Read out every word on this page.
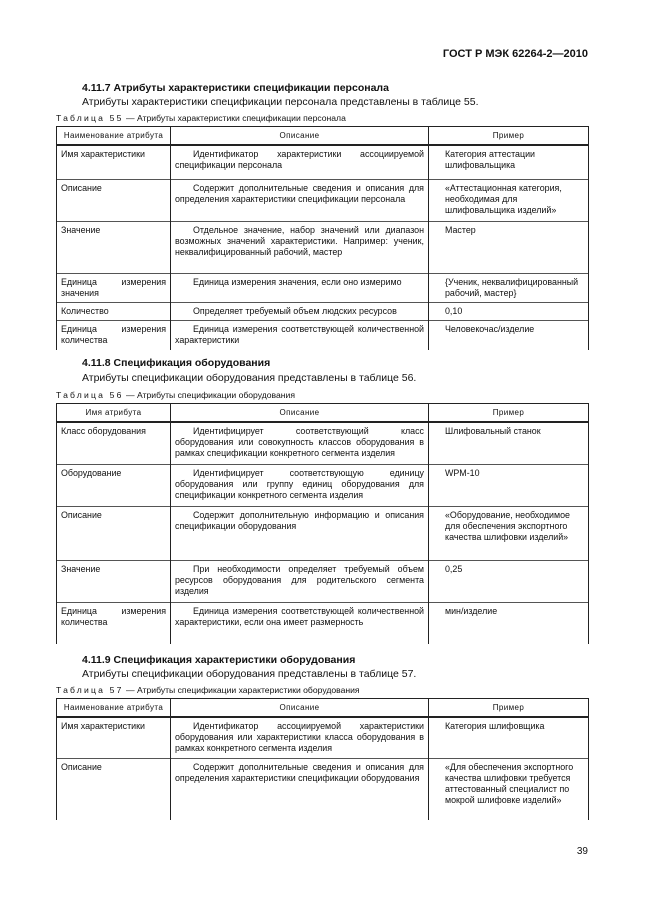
ГОСТ Р МЭК 62264-2—2010
4.11.7 Атрибуты характеристики спецификации персонала
Атрибуты характеристики спецификации персонала представлены в таблице 55.
Таблица 55 — Атрибуты характеристики спецификации персонала
Наименование атрибута	Описание	Пример
Имя характеристики	Идентификатор характеристики ассоциируемой спецификации персонала	Категория аттестации шлифовальщика
Описание	Содержит дополнительные сведения и описания для определения характеристики спецификации персонала	«Аттестационная категория, необходимая для шлифовальщика изделий»
Значение	Отдельное значение, набор значений или диапазон возможных значений характеристики. Например: ученик, неквалифицированный рабочий, мастер	Мастер
Единица измерения значения	Единица измерения значения, если оно измеримо	{Ученик, неквалифицированный рабочий, мастер}
Количество	Определяет требуемый объем людских ресурсов	0,10
Единица измерения количества	Единица измерения соответствующей количественной характеристики	Человекочас/изделие
4.11.8 Спецификация оборудования
Атрибуты спецификации оборудования представлены в таблице 56.
Таблица 56 — Атрибуты спецификации оборудования
Имя атрибута	Описание	Пример
Класс оборудования	Идентифицирует соответствующий класс оборудования или совокупность классов оборудования в рамках спецификации конкретного сегмента изделия	Шлифовальный станок
Оборудование	Идентифицирует соответствующую единицу оборудования или группу единиц оборудования для спецификации конкретного сегмента изделия	WPM-10
Описание	Содержит дополнительную информацию и описания спецификации оборудования	«Оборудование, необходимое для обеспечения экспортного качества шлифовки изделий»
Значение	При необходимости определяет требуемый объем ресурсов оборудования для родительского сегмента изделия	0,25
Единица измерения количества	Единица измерения соответствующей количественной характеристики, если она имеет размерность	мин/изделие
4.11.9 Спецификация характеристики оборудования
Атрибуты спецификации оборудования представлены в таблице 57.
Таблица 57 — Атрибуты спецификации характеристики оборудования
Наименование атрибута	Описание	Пример
Имя характеристики	Идентификатор ассоциируемой характеристики оборудования или характеристики класса оборудования в рамках конкретного сегмента изделия	Категория шлифовщика
Описание	Содержит дополнительные сведения и описания для определения характеристики спецификации оборудования	«Для обеспечения экспортного качества шлифовки требуется аттестованный специалист по мокрой шлифовке изделий»
39
